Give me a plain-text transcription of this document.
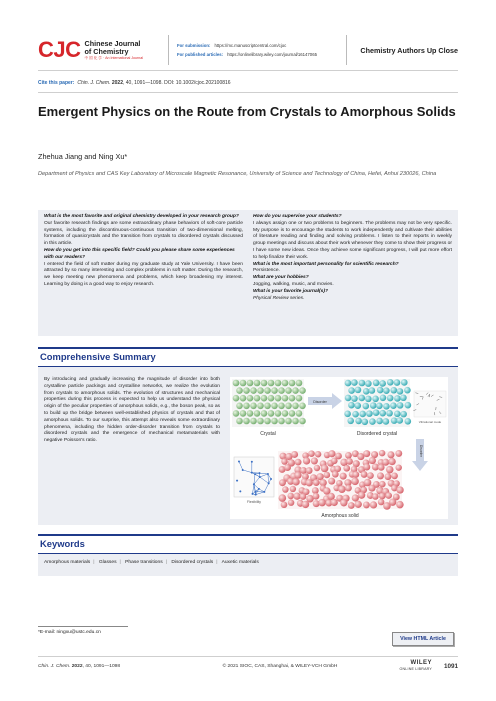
CJC Chinese Journal
of Chemistry
中 国 化 学 · An International Journal
For submission: https://mc.manuscriptcentral.com/cjoc
For published articles: https://onlinelibrary.wiley.com/journal/16147065	Chemistry Authors Up Close
Cite this paper: Chin. J. Chem. 2022, 40, 1091—1098. DOI: 10.1002/cjoc.202100816
Emergent Physics on the Route from Crystals to Amorphous Solids
Zhehua Jiang and Ning Xu*
Department of Physics and CAS Key Laboratory of Microscale Magnetic Resonance, University of Science and Technology of China, Hefei, Anhui 230026, China
What is the most favorite and original chemistry developed in your research group?
Our favorite research findings are some extraordinary phase behaviors of soft-core particle systems, including the discontinuous-continuous transition of two-dimensional melting, formation of quasicrystals and the transition from crystals to disordered crystals discussed in this article.
How do you get into this specific field? Could you please share some experiences with our readers?
I entered the field of soft matter during my graduate study at Yale University. I have been attracted by so many interesting and complex problems in soft matter. During the research, we keep meeting new phenomena and problems, which keep broadening my interest. Learning by doing is a good way to enjoy research.
How do you supervise your students?
I always assign one or two problems to beginners. The problems may not be very specific. My purpose is to encourage the students to work independently and cultivate their abilities of literature reading and finding and solving problems. I listen to their reports in weekly group meetings and discuss about their work whenever they come to show their progress or I have some new ideas. Once they achieve some significant progress, I will put more effort to help finalize their work.
What is the most important personality for scientific research?
Persistence.
What are your hobbies?
Jogging, walking, music, and movies.
What is your favorite journal(s)?
Physical Review series.
Comprehensive Summary
By introducing and gradually increasing the magnitude of disorder into both crystalline particle packings and crystalline networks, we realize the evolution from crystals to amorphous solids. The evolution of structures and mechanical properties during this process is expected to help us understand the physical origin of the peculiar properties of amorphous solids, e.g., the boson peak, so as to build up the bridge between well-established physics of crystals and that of amorphous solids. To our surprise, this attempt also reveals some extraordinary phenomena, including the hidden order-disorder transition from crystals to disordered crystals and the emergence of mechanical metamaterials with negative Poisson's ratio.
Crystal
Disorder
Disordered crystal
Vibrational mode
Disorder
Flexibility
Amorphous solid
Keywords
Amorphous materials | Glasses | Phase transitions | Disordered crystals | Auxetic materials
*E-mail: ningxu@ustc.edu.cn
View HTML Article
Chin. J. Chem. 2022, 40, 1091—1098	© 2021 SIOC, CAS, Shanghai, & WILEY-VCH GmbH	WILEY
ONLINE LIBRARY	1091
